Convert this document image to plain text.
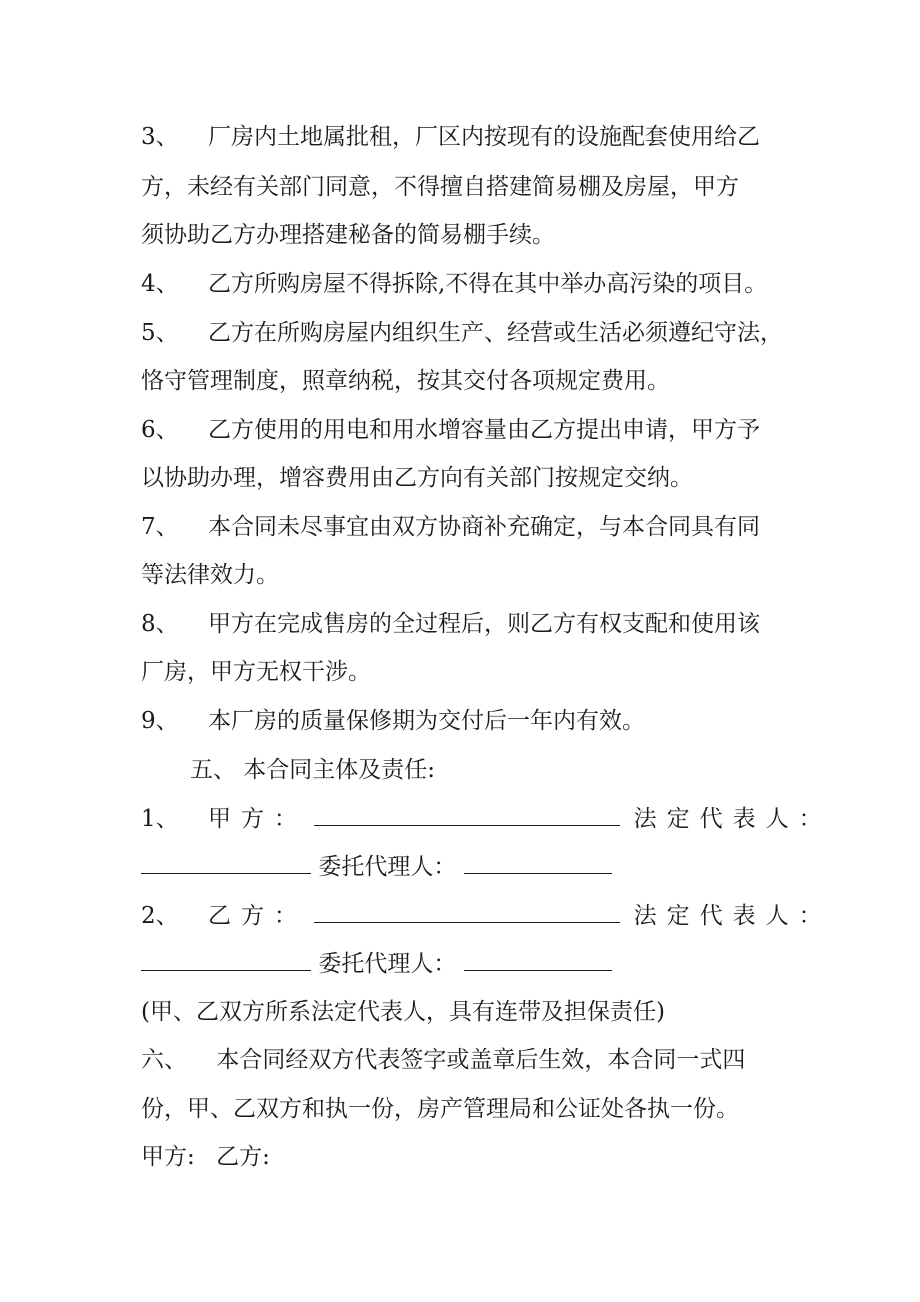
3、 厂房内土地属批租，厂区内按现有的设施配套使用给乙
方，未经有关部门同意，不得擅自搭建简易棚及房屋，甲方
须协助乙方办理搭建秘备的简易棚手续。
4、 乙方所购房屋不得拆除,不得在其中举办高污染的项目。
5、 乙方在所购房屋内组织生产、经营或生活必须遵纪守法，
恪守管理制度，照章纳税，按其交付各项规定费用。
6、 乙方使用的用电和用水增容量由乙方提出申请，甲方予
以协助办理，增容费用由乙方向有关部门按规定交纳。
7、 本合同未尽事宜由双方协商补充确定，与本合同具有同
等法律效力。
8、 甲方在完成售房的全过程后，则乙方有权支配和使用该
厂房，甲方无权干涉。
9、 本厂房的质量保修期为交付后一年内有效。
五、 本合同主体及责任:
1、 甲方：	法定代表人：
委托代理人：
2、 乙方：	法定代表人：
委托代理人：
(甲、乙双方所系法定代表人，具有连带及担保责任)
六、 本合同经双方代表签字或盖章后生效，本合同一式四
份，甲、乙双方和执一份，房产管理局和公证处各执一份。
甲方: 乙方:
